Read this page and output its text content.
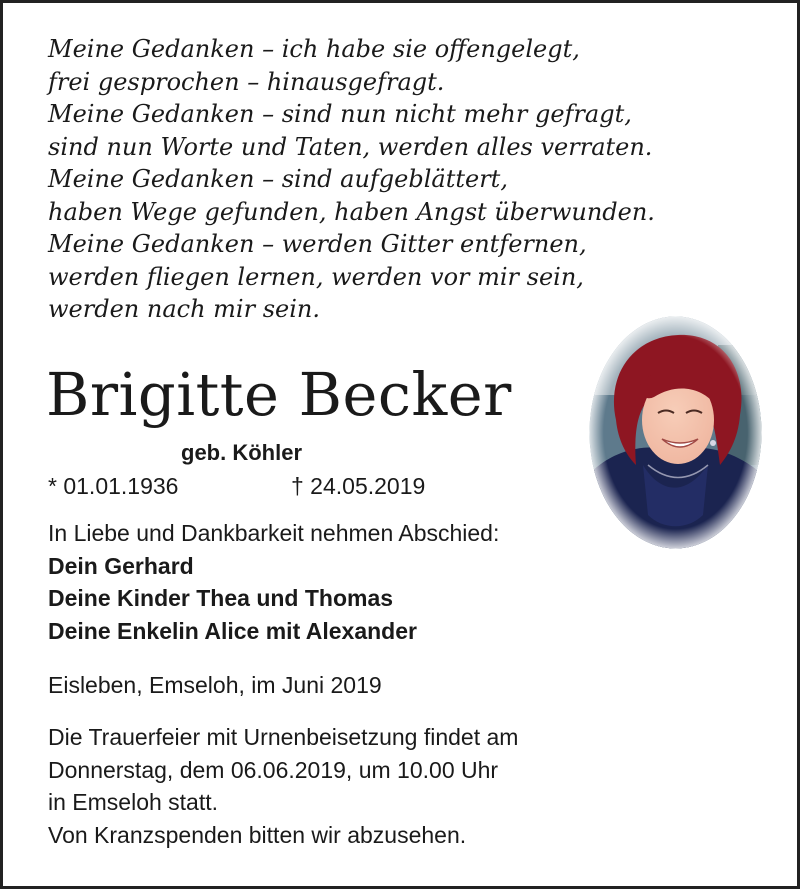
Meine Gedanken – ich habe sie offengelegt,
frei gesprochen – hinausgefragt.
Meine Gedanken – sind nun nicht mehr gefragt,
sind nun Worte und Taten, werden alles verraten.
Meine Gedanken – sind aufgeblättert,
haben Wege gefunden, haben Angst überwunden.
Meine Gedanken – werden Gitter entfernen,
werden fliegen lernen, werden vor mir sein,
werden nach mir sein.
Brigitte Becker
geb. Köhler
* 01.01.1936	† 24.05.2019
In Liebe und Dankbarkeit nehmen Abschied:
Dein Gerhard
Deine Kinder Thea und Thomas
Deine Enkelin Alice mit Alexander
Eisleben, Emseloh, im Juni 2019
Die Trauerfeier mit Urnenbeisetzung findet am
Donnerstag, dem 06.06.2019, um 10.00 Uhr
in Emseloh statt.
Von Kranzspenden bitten wir abzusehen.
